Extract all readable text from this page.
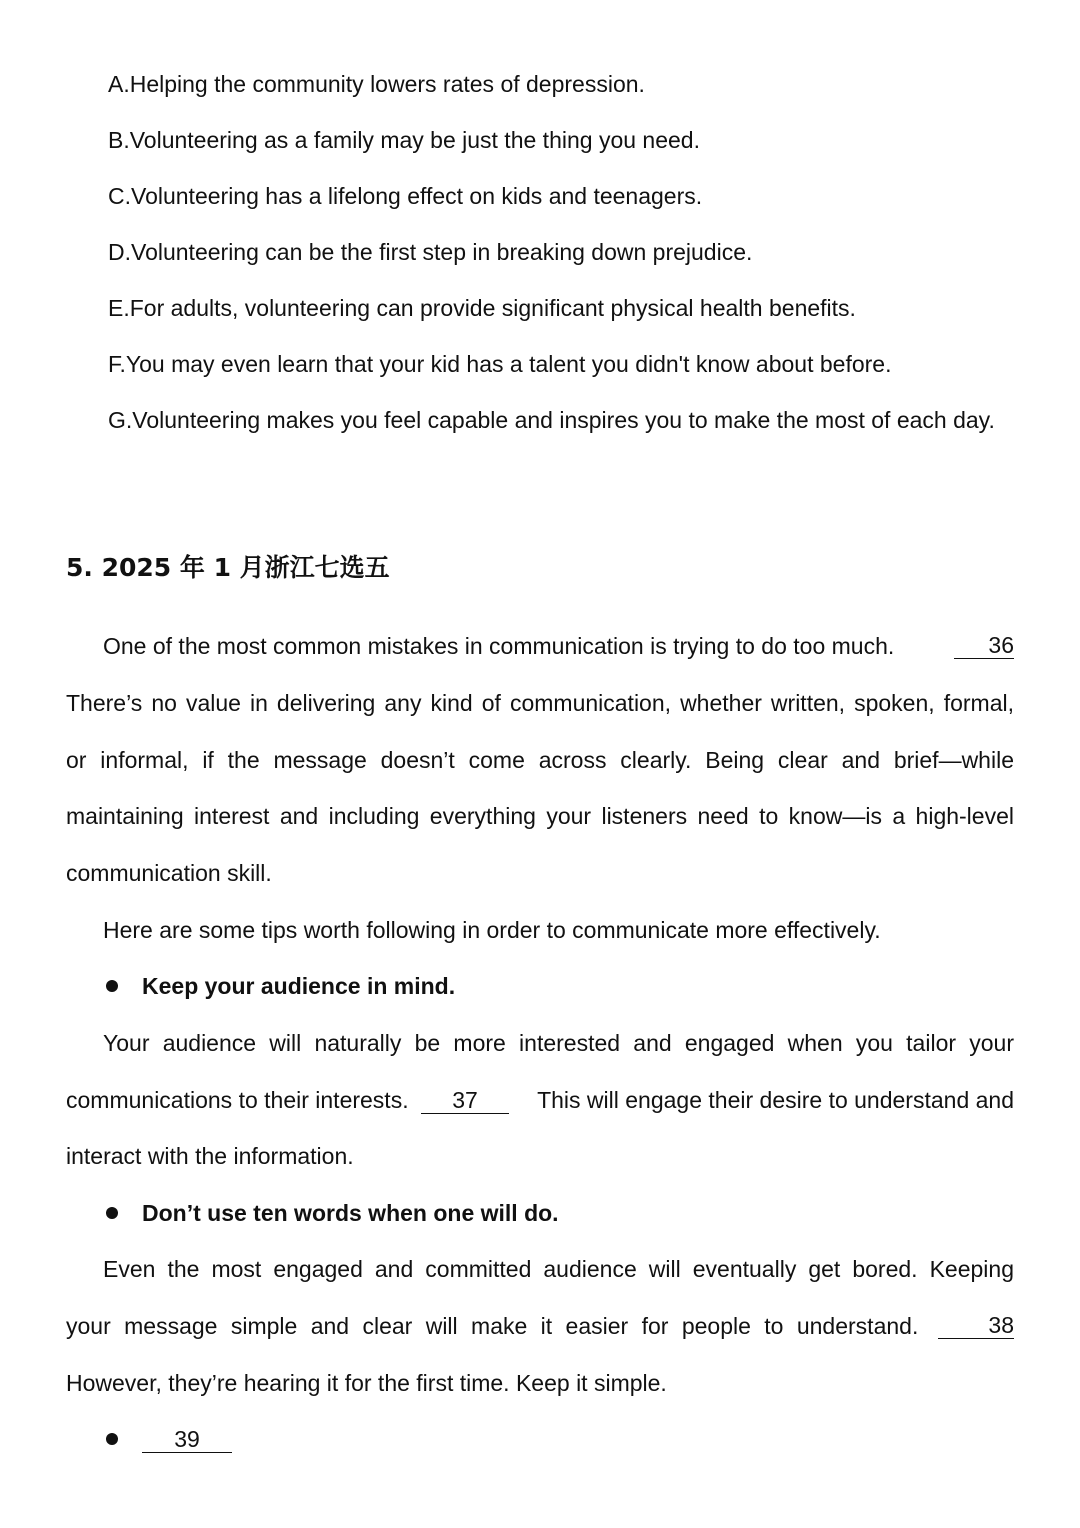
A.Helping the community lowers rates of depression.
B.Volunteering as a family may be just the thing you need.
C.Volunteering has a lifelong effect on kids and teenagers.
D.Volunteering can be the first step in breaking down prejudice.
E.For adults, volunteering can provide significant physical health benefits.
F.You may even learn that your kid has a talent you didn't know about before.
G.Volunteering makes you feel capable and inspires you to make the most of each day.
5. 2025 年 1 月浙江七选五
One of the most common mistakes in communication is trying to do too much.	36
There’s no value in delivering any kind of communication, whether written, spoken, formal,
or informal, if the message doesn’t come across clearly. Being clear and brief—while
maintaining interest and including everything your listeners need to know—is a high-level
communication skill.
Here are some tips worth following in order to communicate more effectively.
Keep your audience in mind.
Your audience will naturally be more interested and engaged when you tailor your
communications to their interests. 37	This will engage their desire to understand and
interact with the information.
Don’t use ten words when one will do.
Even the most engaged and committed audience will eventually get bored. Keeping
your message simple and clear will make it easier for people to understand.	38
However, they’re hearing it for the first time. Keep it simple.
39
